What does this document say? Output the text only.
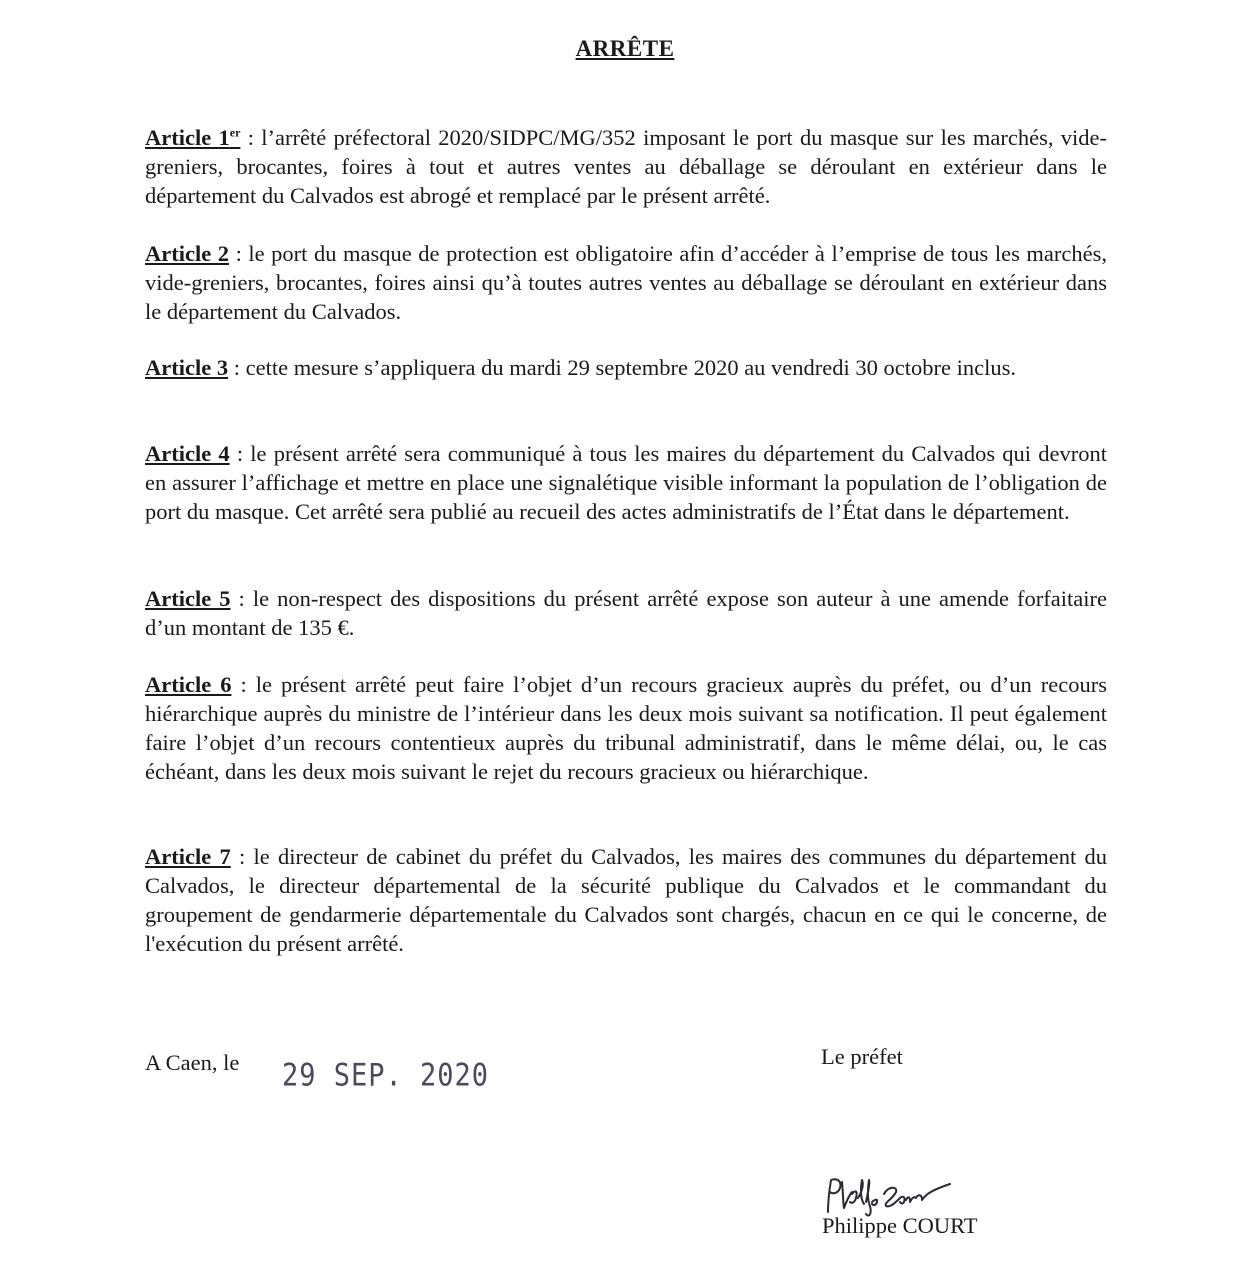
ARRÊTE
Article 1er : l’arrêté préfectoral 2020/SIDPC/MG/352 imposant le port du masque sur les marchés, vide-greniers, brocantes, foires à tout et autres ventes au déballage se déroulant en extérieur dans le département du Calvados est abrogé et remplacé par le présent arrêté.
Article 2 : le port du masque de protection est obligatoire afin d’accéder à l’emprise de tous les marchés, vide-greniers, brocantes, foires ainsi qu’à toutes autres ventes au déballage se déroulant en extérieur dans le département du Calvados.
Article 3 : cette mesure s’appliquera du mardi 29 septembre 2020 au vendredi 30 octobre inclus.
Article 4 : le présent arrêté sera communiqué à tous les maires du département du Calvados qui devront en assurer l’affichage et mettre en place une signalétique visible informant la population de l’obligation de port du masque. Cet arrêté sera publié au recueil des actes administratifs de l’État dans le département.
Article 5 : le non-respect des dispositions du présent arrêté expose son auteur à une amende forfaitaire d’un montant de 135 €.
Article 6 : le présent arrêté peut faire l’objet d’un recours gracieux auprès du préfet, ou d’un recours hiérarchique auprès du ministre de l’intérieur dans les deux mois suivant sa notification. Il peut également faire l’objet d’un recours contentieux auprès du tribunal administratif, dans le même délai, ou, le cas échéant, dans les deux mois suivant le rejet du recours gracieux ou hiérarchique.
Article 7 : le directeur de cabinet du préfet du Calvados, les maires des communes du département du Calvados, le directeur départemental de la sécurité publique du Calvados et le commandant du groupement de gendarmerie départementale du Calvados sont chargés, chacun en ce qui le concerne, de l'exécution du présent arrêté.
A Caen, le 29 SEP. 2020
Le préfet
Philippe COURT
